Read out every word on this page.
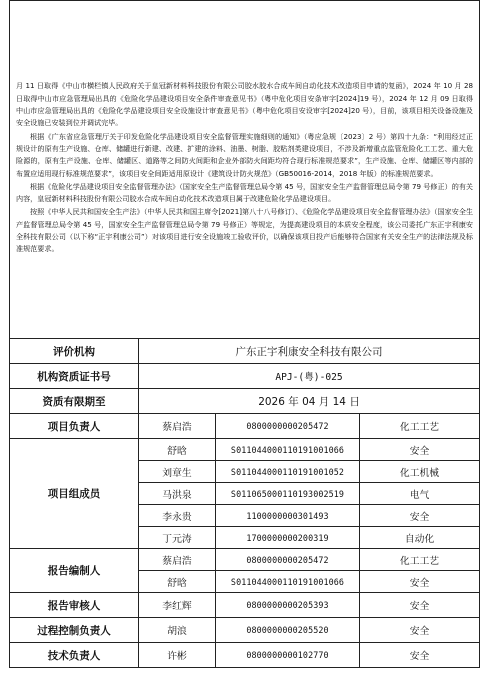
月 11 日取得《中山市横栏镇人民政府关于皇冠新材料科技股份有限公司胶水胶水合成车间自动化技术改造项目申请的复函》，2024 年 10 月 28 日取得中山市应急管理局出具的《危险化学品建设项目安全条件审查意见书》（粤中危化项目安条审字[2024]19 号），2024 年 12 月 09 日取得中山市应急管理局出具的《危险化学品建设项目安全设施设计审查意见书》（粤中危化项目安设审字[2024]20 号），目前，该项目相关设备设施及安全设施已安装到位并调试完毕。

根据《广东省应急管理厅关于印发危险化学品建设项目安全监督管理实施细则的通知》（粤应急规〔2023〕2 号）第四十九条：“利用经过正规设计的原有生产设施、仓库、储罐进行新建、改建、扩建的涂料、油墨、树脂、胶粘剂类建设项目，不涉及新增重点监管危险化工工艺、重大危险源的，原有生产设施、仓库、储罐区、道路等之间防火间距和企业外部防火间距均符合现行标准规范要求”，生产设施、仓库、储罐区等内部的布置应适用现行标准规范要求”，该项目安全间距适用原设计《建筑设计防火规范》（GB50016-2014，2018 年版）的标准规范要求。

根据《危险化学品建设项目安全监督管理办法》（国家安全生产监督管理总局令第 45 号，国家安全生产监督管理总局令第 79 号修正）的有关内容，皇冠新材料科技股份有限公司胶水合成车间自动化技术改造项目属于改建危险化学品建设项目。

按照《中华人民共和国安全生产法》（中华人民共和国主席令[2021]第八十八号修订）、《危险化学品建设项目安全监督管理办法》（国家安全生产监督管理总局令第 45 号，国家安全生产监督管理总局令第 79 号修正）等规定，为提高建设项目的本质安全程度，该公司委托广东正宇利康安全科技有限公司（以下称“正宇利康公司”）对该项目进行安全设施竣工验收评价，以确保该项目投产后能够符合国家有关安全生产的法律法规及标准规范要求。			

评价机构	广东正宇利康安全科技有限公司		
机构资质证书号	APJ-(粤)-025		
资质有限期至	2026 年 04 月 14 日		
项目负责人	蔡启浩	0800000000205472	化工工艺
项目组成员	舒晗	S011044000110191001066	安全
	刘章生	S011044000110191001052	化工机械
	马洪泉	S011065000110193002519	电气
	李永贵	1100000000301493	安全
	丁元涛	1700000000200319	自动化
报告编制人	蔡启浩	0800000000205472	化工工艺
	舒晗	S011044000110191001066	安全
报告审核人	李红辉	0800000000205393	安全
过程控制负责人	胡浪	0800000000205520	安全
技术负责人	许彬	0800000000102770	安全
